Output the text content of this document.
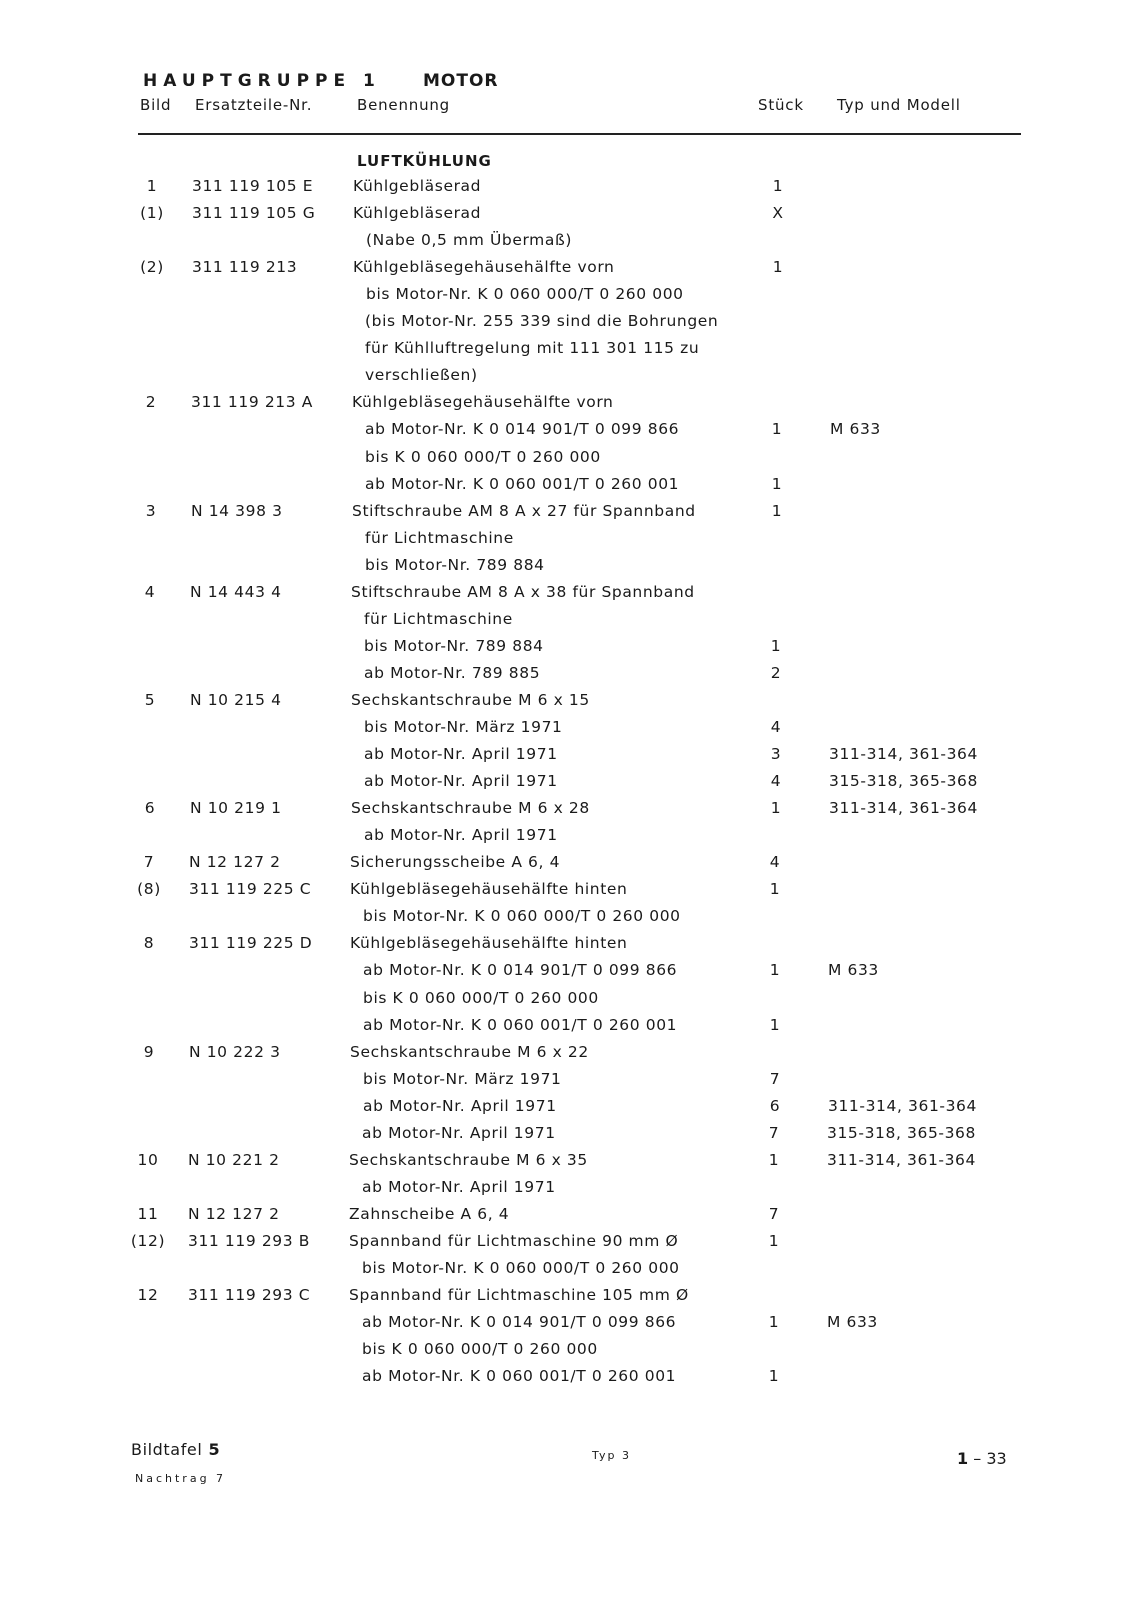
HAUPTGRUPPE 1 MOTOR
Bild Ersatzteile-Nr.	Benennung	Stück Typ und Modell
LUFTKÜHLUNG
1	311 119 105 E	Kühlgebläserad	1
(1)	311 119 105 G Kühlgebläserad	X
(Nabe 0,5 mm Übermaß)
(2)	311 119 213	Kühlgebläsegehäusehälfte vorn	1
bis Motor-Nr. K 0 060 000/T 0 260 000
(bis Motor-Nr. 255 339 sind die Bohrungen
für Kühlluftregelung mit 111 301 115 zu
verschließen)
2	311 119 213 A	Kühlgebläsegehäusehälfte vorn
ab Motor-Nr. K 0 014 901/T 0 099 866	1	M 633
bis K 0 060 000/T 0 260 000
ab Motor-Nr. K 0 060 001/T 0 260 001	1
3	N 14 398 3	Stiftschraube AM 8 A x 27 für Spannband	1
für Lichtmaschine
bis Motor-Nr. 789 884
4	N 14 443 4	Stiftschraube AM 8 A x 38 für Spannband
für Lichtmaschine
bis Motor-Nr. 789 884	1
ab Motor-Nr. 789 885	2
5	N 10 215 4	Sechskantschraube M 6 x 15
bis Motor-Nr. März 1971	4
ab Motor-Nr. April 1971	3	311-314, 361-364
ab Motor-Nr. April 1971	4	315-318, 365-368
6	N 10 219 1	Sechskantschraube M 6 x 28	1	311-314, 361-364
ab Motor-Nr. April 1971
7	N 12 127 2	Sicherungsscheibe A 6, 4	4
(8)	311 119 225 C	Kühlgebläsegehäusehälfte hinten	1
bis Motor-Nr. K 0 060 000/T 0 260 000
8	311 119 225 D Kühlgebläsegehäusehälfte hinten
ab Motor-Nr. K 0 014 901/T 0 099 866	1	M 633
bis K 0 060 000/T 0 260 000
ab Motor-Nr. K 0 060 001/T 0 260 001	1
9	N 10 222 3	Sechskantschraube M 6 x 22
bis Motor-Nr. März 1971	7
ab Motor-Nr. April 1971	6	311-314, 361-364
ab Motor-Nr. April 1971	7	315-318, 365-368
10	N 10 221 2	Sechskantschraube M 6 x 35	1	311-314, 361-364
ab Motor-Nr. April 1971
11	N 12 127 2	Zahnscheibe A 6, 4	7
(12)	311 119 293 B	Spannband für Lichtmaschine 90 mm Ø	1
bis Motor-Nr. K 0 060 000/T 0 260 000
12	311 119 293 C	Spannband für Lichtmaschine 105 mm Ø
ab Motor-Nr. K 0 014 901/T 0 099 866	1	M 633
bis K 0 060 000/T 0 260 000
ab Motor-Nr. K 0 060 001/T 0 260 001	1
Bildtafel 5
Nachtrag 7
Typ 3	1 – 33
